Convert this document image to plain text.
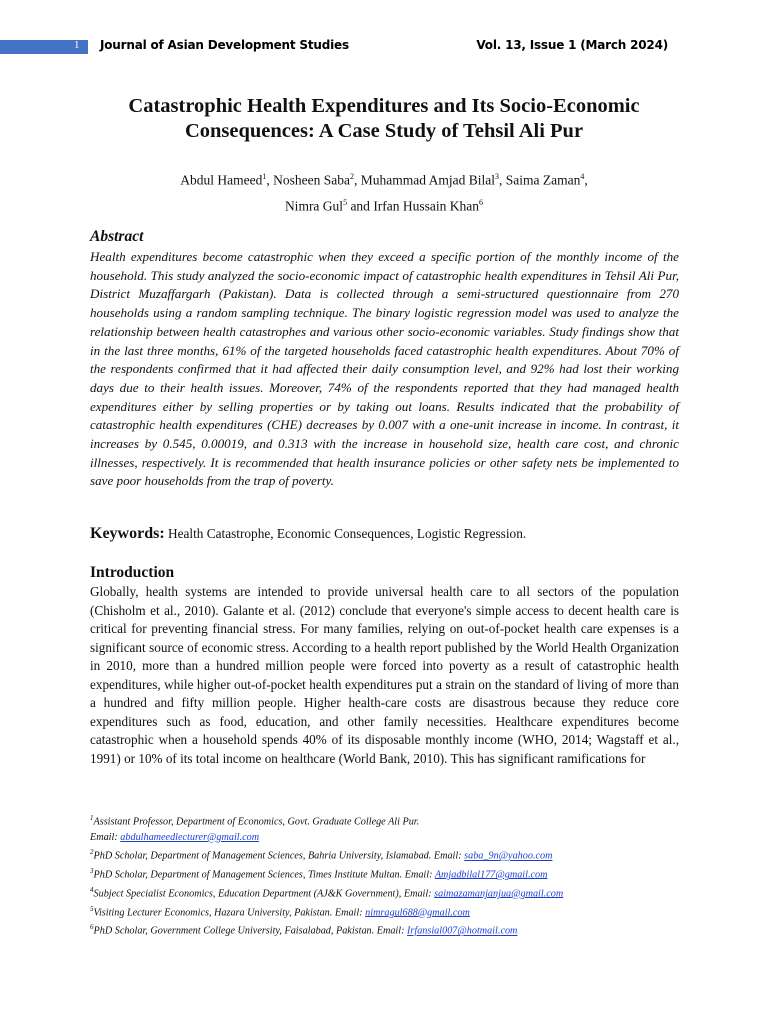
1 Journal of Asian Development Studies	Vol. 13, Issue 1 (March 2024)
Catastrophic Health Expenditures and Its Socio-Economic
Consequences: A Case Study of Tehsil Ali Pur
Abdul Hameed$^1$, Nosheen Saba$^2$, Muhammad Amjad Bilal$^3$, Saima Zaman$^4$,
Nimra Gul$^5$ and Irfan Hussain Khan$^6$
Abstract
Health expenditures become catastrophic when they exceed a specific portion of the monthly income of the household. This study analyzed the socio-economic impact of catastrophic health expenditures in Tehsil Ali Pur, District Muzaffargarh (Pakistan). Data is collected through a semi-structured questionnaire from 270 households using a random sampling technique. The binary logistic regression model was used to analyze the relationship between health catastrophes and various other socio-economic variables. Study findings show that in the last three months, 61% of the targeted households faced catastrophic health expenditures. About 70% of the respondents confirmed that it had affected their daily consumption level, and 92% had lost their working days due to their health issues. Moreover, 74% of the respondents reported that they had managed health expenditures either by selling properties or by taking out loans. Results indicated that the probability of catastrophic health expenditures (CHE) decreases by 0.007 with a one-unit increase in income. In contrast, it increases by 0.545, 0.00019, and 0.313 with the increase in household size, health care cost, and chronic illnesses, respectively. It is recommended that health insurance policies or other safety nets be implemented to save poor households from the trap of poverty.
Keywords: Health Catastrophe, Economic Consequences, Logistic Regression.
Introduction
Globally, health systems are intended to provide universal health care to all sectors of the population (Chisholm et al., 2010). Galante et al. (2012) conclude that everyone's simple access to decent health care is critical for preventing financial stress. For many families, relying on out-of-pocket health care expenses is a significant source of economic stress. According to a health report published by the World Health Organization in 2010, more than a hundred million people were forced into poverty as a result of catastrophic health expenditures, while higher out-of-pocket health expenditures put a strain on the standard of living of more than a hundred and fifty million people. Higher health-care costs are disastrous because they reduce core expenditures such as food, education, and other family necessities. Healthcare expenditures become catastrophic when a household spends 40% of its disposable monthly income (WHO, 2014; Wagstaff et al., 1991) or 10% of its total income on healthcare (World Bank, 2010). This has significant ramifications for
$^1$Assistant Professor, Department of Economics, Govt. Graduate College Ali Pur.
Email: abdulhameedlecturer@gmail.com
$^2$PhD Scholar, Department of Management Sciences, Bahria University, Islamabad. Email: saba_9n@yahoo.com
$^3$PhD Scholar, Department of Management Sciences, Times Institute Multan. Email: Amjadbilal177@gmail.com
$^4$Subject Specialist Economics, Education Department (AJ&K Government), Email: saimazamanjanjua@gmail.com
$^5$Visiting Lecturer Economics, Hazara University, Pakistan. Email: nimragul688@gmail.com
$^6$PhD Scholar, Government College University, Faisalabad, Pakistan. Email: Irfansial007@hotmail.com
